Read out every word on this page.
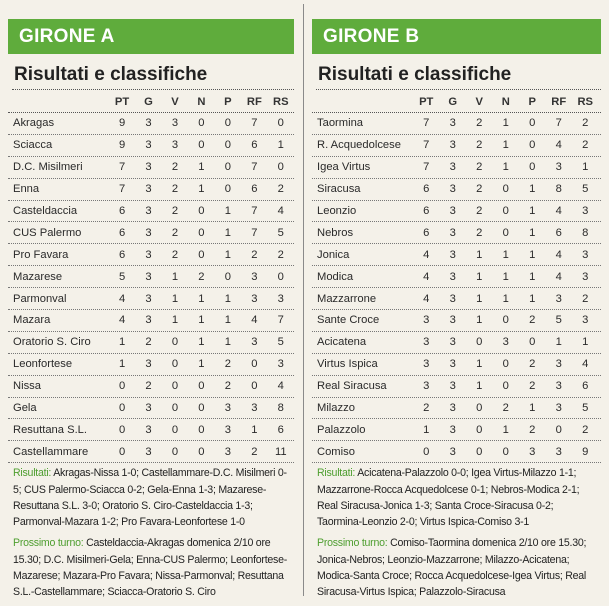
GIRONE A
Risultati e classifiche
PT	G	V	N	P	RF	RS
Akragas	9	3	3	0	0	7	0
Sciacca	9	3	3	0	0	6	1
D.C. Misilmeri	7	3	2	1	0	7	0
Enna	7	3	2	1	0	6	2
Casteldaccia	6	3	2	0	1	7	4
CUS Palermo	6	3	2	0	1	7	5
Pro Favara	6	3	2	0	1	2	2
Mazarese	5	3	1	2	0	3	0
Parmonval	4	3	1	1	1	3	3
Mazara	4	3	1	1	1	4	7
Oratorio S. Ciro	1	2	0	1	1	3	5
Leonfortese	1	3	0	1	2	0	3
Nissa	0	2	0	0	2	0	4
Gela	0	3	0	0	3	3	8
Resuttana S.L.	0	3	0	0	3	1	6
Castellammare	0	3	0	0	3	2	11

Risultati: Akragas-Nissa 1-0; Castellammare-D.C. Misilmeri 0-5; CUS Palermo-Sciacca 0-2; Gela-Enna 1-3; Mazarese-Resuttana S.L. 3-0; Oratorio S. Ciro-Casteldaccia 1-3; Parmonval-Mazara 1-2; Pro Favara-Leonfortese 1-0

Prossimo turno: Casteldaccia-Akragas domenica 2/10 ore 15.30; D.C. Misilmeri-Gela; Enna-CUS Palermo; Leonfortese-Mazarese; Mazara-Pro Favara; Nissa-Parmonval; Resuttana S.L.-Castellammare; Sciacca-Oratorio S. Ciro

GIRONE B
Risultati e classifiche
PT	G	V	N	P	RF	RS
Taormina	7	3	2	1	0	7	2
R. Acquedolcese	7	3	2	1	0	4	2
Igea Virtus	7	3	2	1	0	3	1
Siracusa	6	3	2	0	1	8	5
Leonzio	6	3	2	0	1	4	3
Nebros	6	3	2	0	1	6	8
Jonica	4	3	1	1	1	4	3
Modica	4	3	1	1	1	4	3
Mazzarrone	4	3	1	1	1	3	2
Sante Croce	3	3	1	0	2	5	3
Acicatena	3	3	0	3	0	1	1
Virtus Ispica	3	3	1	0	2	3	4
Real Siracusa	3	3	1	0	2	3	6
Milazzo	2	3	0	2	1	3	5
Palazzolo	1	3	0	1	2	0	2
Comiso	0	3	0	0	3	3	9

Risultati: Acicatena-Palazzolo 0-0; Igea Virtus-Milazzo 1-1; Mazzarrone-Rocca Acquedolcese 0-1; Nebros-Modica 2-1; Real Siracusa-Jonica 1-3; Santa Croce-Siracusa 0-2; Taormina-Leonzio 2-0; Virtus Ispica-Comiso 3-1

Prossimo turno: Comiso-Taormina domenica 2/10 ore 15.30; Jonica-Nebros; Leonzio-Mazzarrone; Milazzo-Acicatena; Modica-Santa Croce; Rocca Acquedolcese-Igea Virtus; Real Siracusa-Virtus Ispica; Palazzolo-Siracusa
